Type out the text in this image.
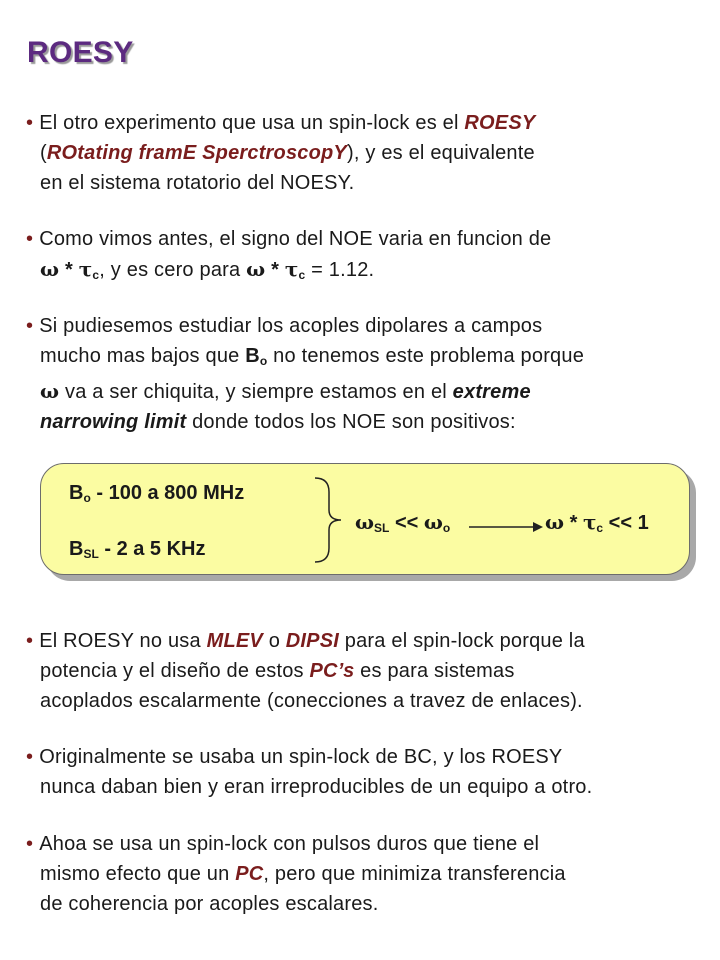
ROESY
• El otro experimento que usa un spin-lock es el ROESY
(ROtating framE SperctroscopY), y es el equivalente
en el sistema rotatorio del NOESY.
• Como vimos antes, el signo del NOE varia en funcion de
ω * $\tau_c$, y es cero para $\omega * \tau_c = 1.12$.
• Si pudiesemos estudiar los acoples dipolares a campos
mucho mas bajos que $B_o$ no tenemos este problema porque
ω va a ser chiquita, y siempre estamos en el extreme
narrowing limit donde todos los NOE son positivos:
$B_o - 100$ a 800 MHz
$B_{SL} - 2$ a 5 KHz
$\omega_{SL} << \omega_o$	$\omega * \tau_c << 1$
• El ROESY no usa MLEV o DIPSI para el spin-lock porque la
potencia y el diseño de estos PC’s es para sistemas
acoplados escalarmente (conecciones a travez de enlaces).
• Originalmente se usaba un spin-lock de BC, y los ROESY
nunca daban bien y eran irreproducibles de un equipo a otro.
• Ahoa se usa un spin-lock con pulsos duros que tiene el
mismo efecto que un PC, pero que minimiza transferencia
de coherencia por acoples escalares.
